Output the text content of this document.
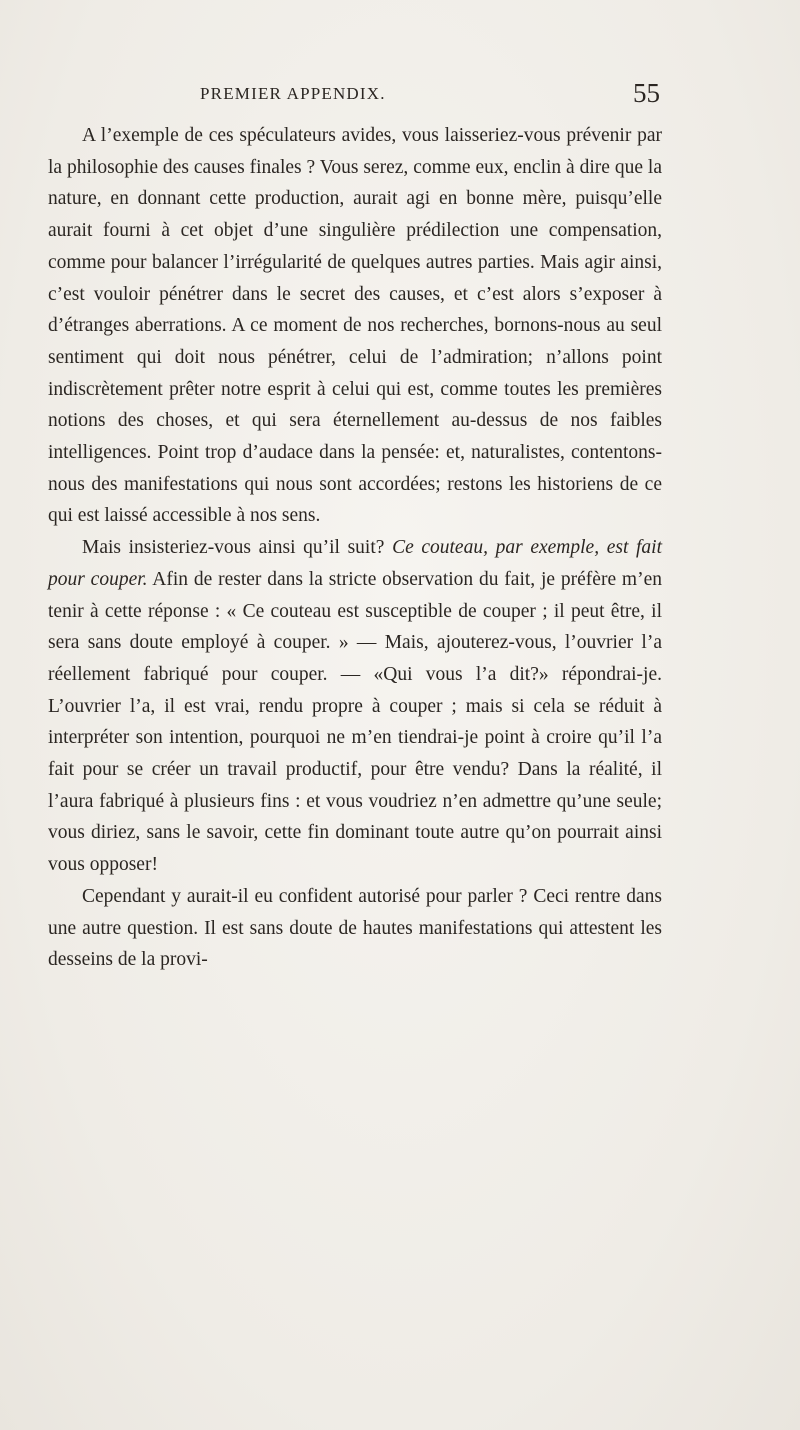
PREMIER APPENDIX.	55

A l’exemple de ces spéculateurs avides, vous laisseriez-vous prévenir par la philosophie des causes finales ? Vous serez, comme eux, enclin à dire que la nature, en donnant cette production, aurait agi en bonne mère, puisqu’elle aurait fourni à cet objet d’une singulière prédilection une compensation, comme pour balancer l’irrégularité de quelques autres parties. Mais agir ainsi, c’est vouloir pénétrer dans le secret des causes, et c’est alors s’exposer à d’étranges aberrations. A ce moment de nos recherches, bornons-nous au seul sentiment qui doit nous pénétrer, celui de l’admiration; n’allons point indiscrètement prêter notre esprit à celui qui est, comme toutes les premières notions des choses, et qui sera éternellement au-dessus de nos faibles intelligences. Point trop d’audace dans la pensée: et, naturalistes, contentons-nous des manifestations qui nous sont accordées; restons les historiens de ce qui est laissé accessible à nos sens.

Mais insisteriez-vous ainsi qu’il suit? Ce couteau, par exemple, est fait pour couper. Afin de rester dans la stricte observation du fait, je préfère m’en tenir à cette réponse : « Ce couteau est susceptible de couper ; il peut être, il sera sans doute employé à couper. » — Mais, ajouterez-vous, l’ouvrier l’a réellement fabriqué pour couper. — «Qui vous l’a dit?» répondrai-je. L’ouvrier l’a, il est vrai, rendu propre à couper ; mais si cela se réduit à interpréter son intention, pourquoi ne m’en tiendrai-je point à croire qu’il l’a fait pour se créer un travail productif, pour être vendu? Dans la réalité, il l’aura fabriqué à plusieurs fins : et vous voudriez n’en admettre qu’une seule; vous diriez, sans le savoir, cette fin dominant toute autre qu’on pourrait ainsi vous opposer!

Cependant y aurait-il eu confident autorisé pour parler ? Ceci rentre dans une autre question. Il est sans doute de hautes manifestations qui attestent les desseins de la provi-
